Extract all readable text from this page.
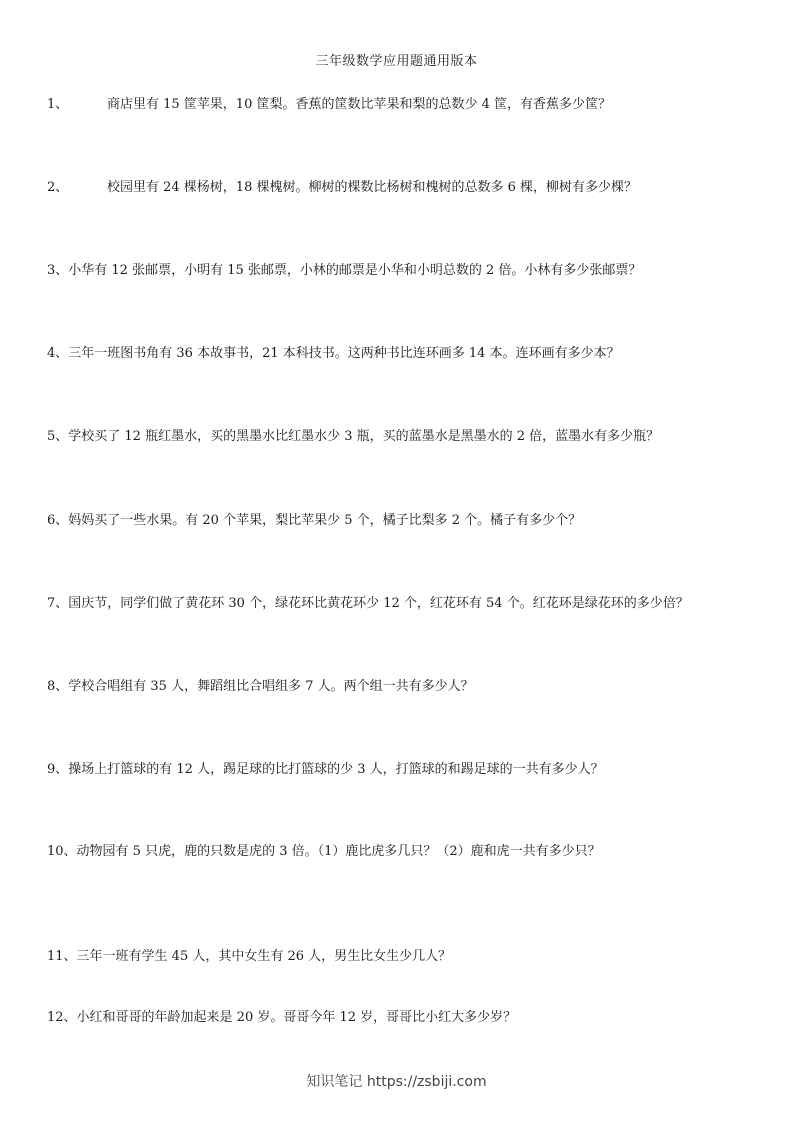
三年级数学应用题通用版本
1、	商店里有 15 筐苹果，10 筐梨。香蕉的筐数比苹果和梨的总数少 4 筐，有香蕉多少筐？
2、	校园里有 24 棵杨树，18 棵槐树。柳树的棵数比杨树和槐树的总数多 6 棵，柳树有多少棵？
3、小华有 12 张邮票，小明有 15 张邮票，小林的邮票是小华和小明总数的 2 倍。小林有多少张邮票？
4、三年一班图书角有 36 本故事书，21 本科技书。这两种书比连环画多 14 本。连环画有多少本？
5、学校买了 12 瓶红墨水，买的黑墨水比红墨水少 3 瓶，买的蓝墨水是黑墨水的 2 倍，蓝墨水有多少瓶？
6、妈妈买了一些水果。有 20 个苹果，梨比苹果少 5 个，橘子比梨多 2 个。橘子有多少个？
7、国庆节，同学们做了黄花环 30 个，绿花环比黄花环少 12 个，红花环有 54 个。红花环是绿花环的多少倍？
8、学校合唱组有 35 人，舞蹈组比合唱组多 7 人。两个组一共有多少人？
9、操场上打篮球的有 12 人，踢足球的比打篮球的少 3 人，打篮球的和踢足球的一共有多少人？
10、动物园有 5 只虎，鹿的只数是虎的 3 倍。（1）鹿比虎多几只？（2）鹿和虎一共有多少只？
11、三年一班有学生 45 人，其中女生有 26 人，男生比女生少几人？
12、小红和哥哥的年龄加起来是 20 岁。哥哥今年 12 岁，哥哥比小红大多少岁？
知识笔记 https://zsbiji.com
